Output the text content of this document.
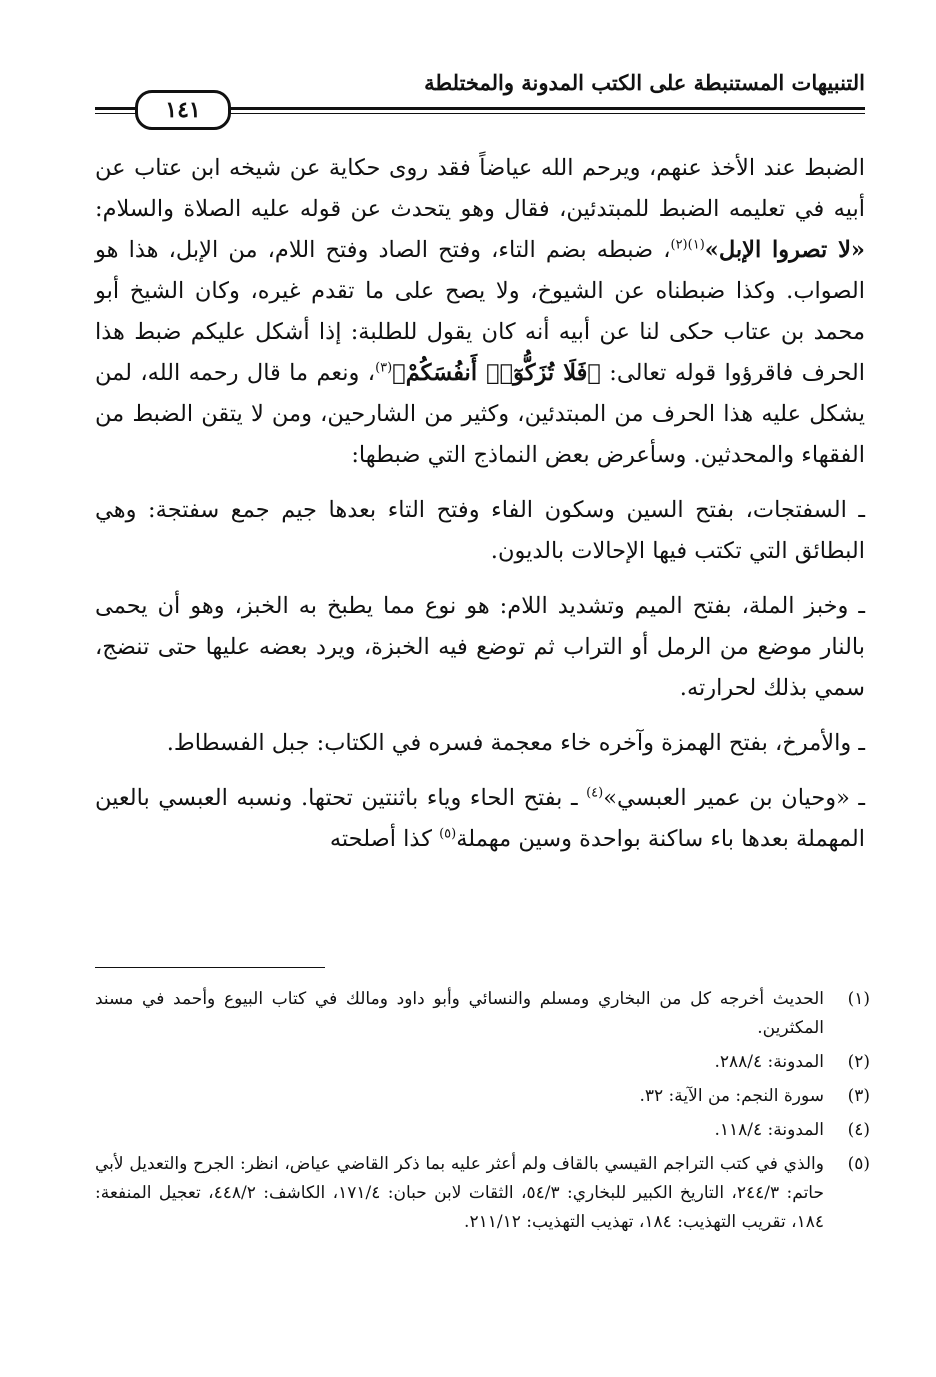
التنبيهات المستنبطة على الكتب المدونة والمختلطة
١٤١

الضبط عند الأخذ عنهم، ويرحم الله عياضاً فقد روى حكاية عن شيخه ابن عتاب عن أبيه في تعليمه الضبط للمبتدئين، فقال وهو يتحدث عن قوله عليه الصلاة والسلام: «لا تصروا الإبل»$^{(١)(٢)}$، ضبطه بضم التاء، وفتح الصاد وفتح اللام، من الإبل، هذا هو الصواب. وكذا ضبطناه عن الشيوخ، ولا يصح على ما تقدم غيره، وكان الشيخ أبو محمد بن عتاب حكى لنا عن أبيه أنه كان يقول للطلبة: إذا أشكل عليكم ضبط هذا الحرف فاقرؤوا قوله تعالى: ﴿فَلَا تُزَكُّوٓا۟ أَنفُسَكُمْ﴾$^{(٣)}$، ونعم ما قال رحمه الله، لمن يشكل عليه هذا الحرف من المبتدئين، وكثير من الشارحين، ومن لا يتقن الضبط من الفقهاء والمحدثين. وسأعرض بعض النماذج التي ضبطها:

ـ السفتجات، بفتح السين وسكون الفاء وفتح التاء بعدها جيم جمع سفتجة: وهي البطائق التي تكتب فيها الإحالات بالديون.

ـ وخبز الملة، بفتح الميم وتشديد اللام: هو نوع مما يطبخ به الخبز، وهو أن يحمى بالنار موضع من الرمل أو التراب ثم توضع فيه الخبزة، ويرد بعضه عليها حتى تنضج، سمي بذلك لحرارته.

ـ والأمرخ، بفتح الهمزة وآخره خاء معجمة فسره في الكتاب: جبل الفسطاط.

ـ «وحيان بن عمير العبسي»$^{(٤)}$ ـ بفتح الحاء وياء باثنتين تحتها. ونسبه العبسي بالعين المهملة بعدها باء ساكنة بواحدة وسين مهملة$^{(٥)}$ كذا أصلحته

(١)
الحديث أخرجه كل من البخاري ومسلم والنسائي وأبو داود ومالك في كتاب البيوع وأحمد في مسند المكثرين.
(٢)
المدونة: ٢٨٨/٤.
(٣)
سورة النجم: من الآية: ٣٢.
(٤)
المدونة: ١١٨/٤.
(٥)
والذي في كتب التراجم القيسي بالقاف ولم أعثر عليه بما ذكر القاضي عياض، انظر: الجرح والتعديل لأبي حاتم: ٢٤٤/٣، التاريخ الكبير للبخاري: ٥٤/٣، الثقات لابن حبان: ١٧١/٤، الكاشف: ٤٤٨/٢، تعجيل المنفعة: ١٨٤، تقريب التهذيب: ١٨٤، تهذيب التهذيب: ٢١١/١٢.
